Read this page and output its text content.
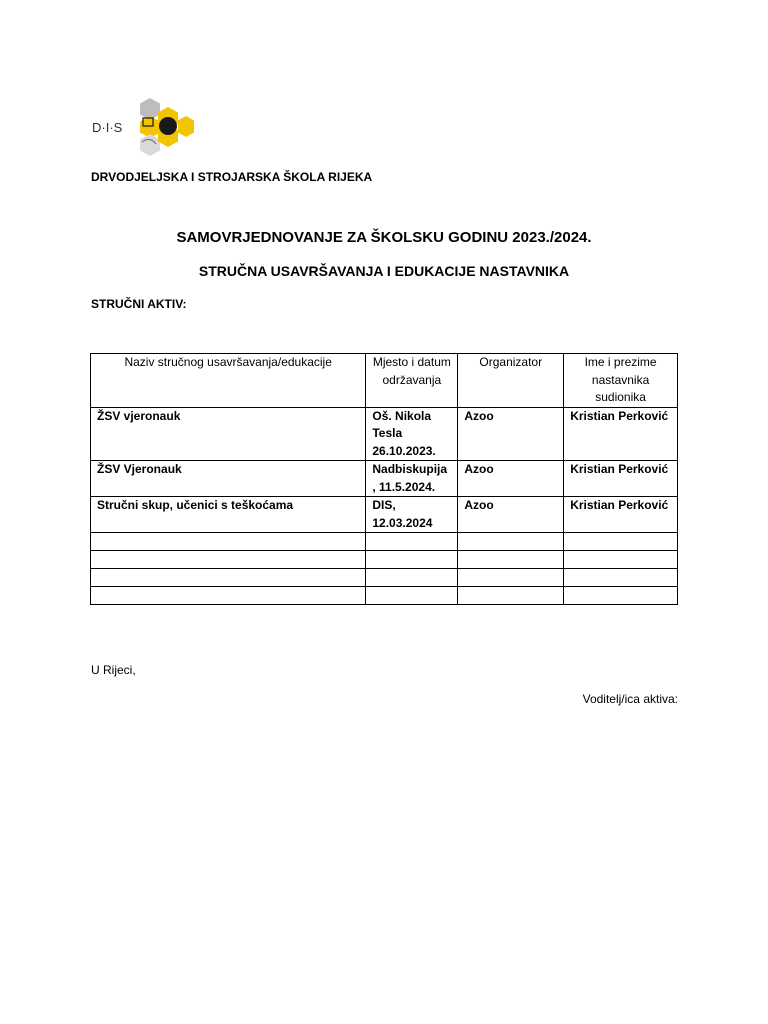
D·I·S
DRVODJELJSKA I STROJARSKA ŠKOLA RIJEKA
SAMOVRJEDNOVANJE ZA ŠKOLSKU GODINU 2023./2024.
STRUČNA USAVRŠAVANJA I EDUKACIJE NASTAVNIKA
STRUČNI AKTIV:
Naziv stručnog usavršavanja/edukacije	Mjesto i datum održavanja	Organizator	Ime i prezime nastavnika sudionika
ŽSV vjeronauk	Oš. Nikola Tesla 26.10.2023.	Azoo	Kristian Perković
ŽSV Vjeronauk	Nadbiskupija , 11.5.2024.	Azoo	Kristian Perković
Stručni skup, učenici s teškoćama	DIS, 12.03.2024	Azoo	Kristian Perković

U Rijeci,
Voditelj/ica aktiva:
